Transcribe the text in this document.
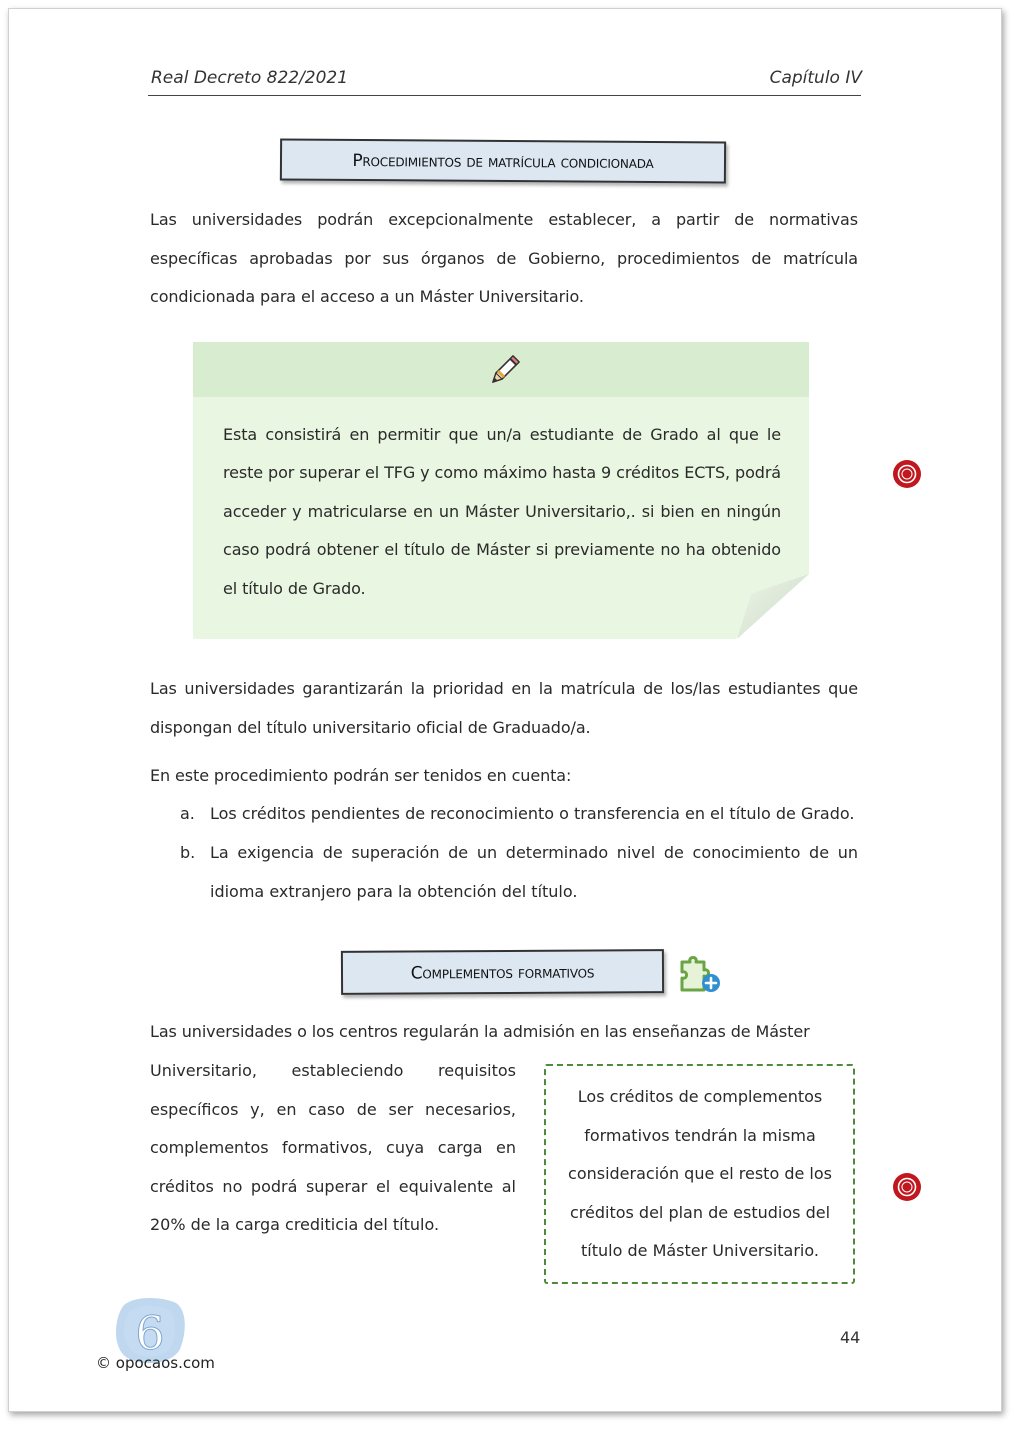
Real Decreto 822/2021	Capítulo IV
Procedimientos de matrícula condicionada
Las universidades podrán excepcionalmente establecer, a partir de normativas específicas aprobadas por sus órganos de Gobierno, procedimientos de matrícula condicionada para el acceso a un Máster Universitario.
Esta consistirá en permitir que un/a estudiante de Grado al que le reste por superar el TFG y como máximo hasta 9 créditos ECTS, podrá acceder y matricularse en un Máster Universitario,. si bien en ningún caso podrá obtener el título de Máster si previamente no ha obtenido el título de Grado.
Las universidades garantizarán la prioridad en la matrícula de los/las estudiantes que dispongan del título universitario oficial de Graduado/a.
En este procedimiento podrán ser tenidos en cuenta:
a. Los créditos pendientes de reconocimiento o transferencia en el título de Grado.
b. La exigencia de superación de un determinado nivel de conocimiento de un idioma extranjero para la obtención del título.
Complementos formativos
Las universidades o los centros regularán la admisión en las enseñanzas de Máster
Universitario, estableciendo requisitos específicos y, en caso de ser necesarios, complementos formativos, cuya carga en créditos no podrá superar el equivalente al 20% de la carga crediticia del título.
Los créditos de complementos formativos tendrán la misma consideración que el resto de los créditos del plan de estudios del título de Máster Universitario.
44
6
© opocaos.com
